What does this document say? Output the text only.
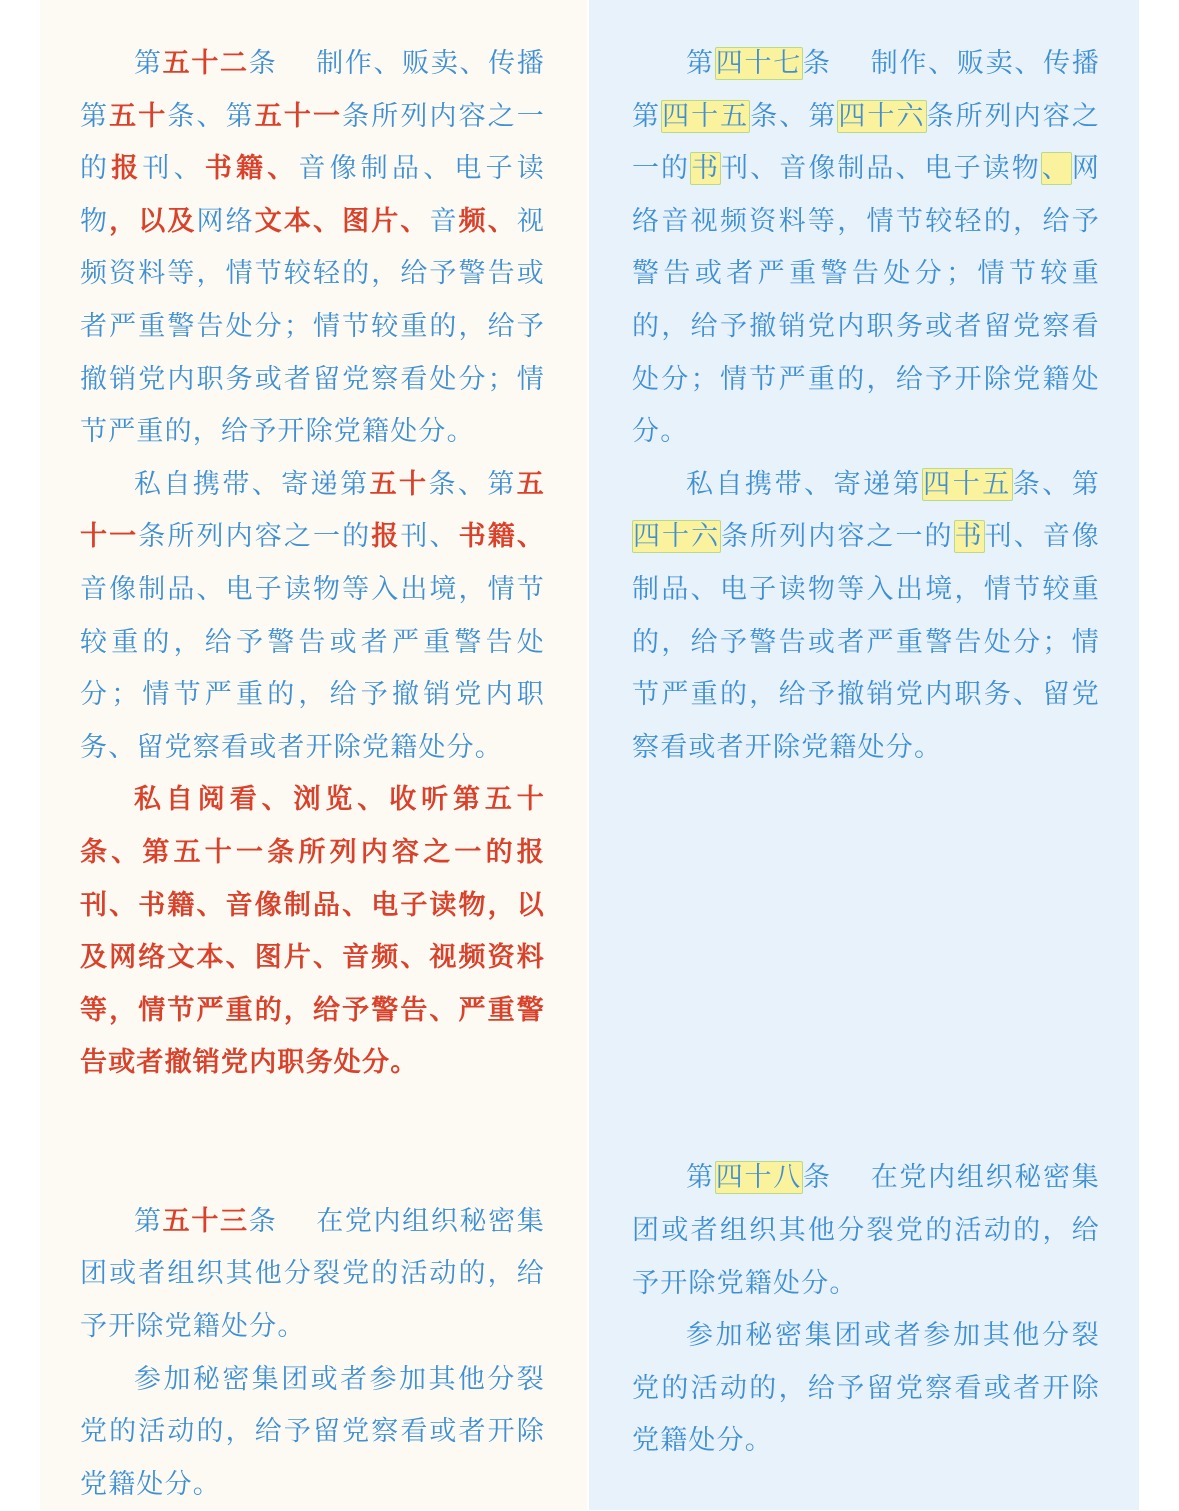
第五十二条　 制作、贩卖、传播第五十条、第五十一条所列内容之一的报刊、书籍、音像制品、电子读物，以及网络文本、图片、音频、视频资料等，情节较轻的，给予警告或者严重警告处分；情节较重的，给予撤销党内职务或者留党察看处分；情节严重的，给予开除党籍处分。

私自携带、寄递第五十条、第五十一条所列内容之一的报刊、书籍、音像制品、电子读物等入出境，情节较重的，给予警告或者严重警告处分；情节严重的，给予撤销党内职务、留党察看或者开除党籍处分。

私自阅看、浏览、收听第五十条、第五十一条所列内容之一的报刊、书籍、音像制品、电子读物，以及网络文本、图片、音频、视频资料等，情节严重的，给予警告、严重警告或者撤销党内职务处分。

第五十三条　 在党内组织秘密集团或者组织其他分裂党的活动的，给予开除党籍处分。

参加秘密集团或者参加其他分裂党的活动的，给予留党察看或者开除党籍处分。

第四十七条　 制作、贩卖、传播第四十五条、第四十六条所列内容之一的书刊、音像制品、电子读物、网络音视频资料等，情节较轻的，给予警告或者严重警告处分；情节较重的，给予撤销党内职务或者留党察看处分；情节严重的，给予开除党籍处分。

私自携带、寄递第四十五条、第四十六条所列内容之一的书刊、音像制品、电子读物等入出境，情节较重的，给予警告或者严重警告处分；情节严重的，给予撤销党内职务、留党察看或者开除党籍处分。

第四十八条　 在党内组织秘密集团或者组织其他分裂党的活动的，给予开除党籍处分。

参加秘密集团或者参加其他分裂党的活动的，给予留党察看或者开除党籍处分。
